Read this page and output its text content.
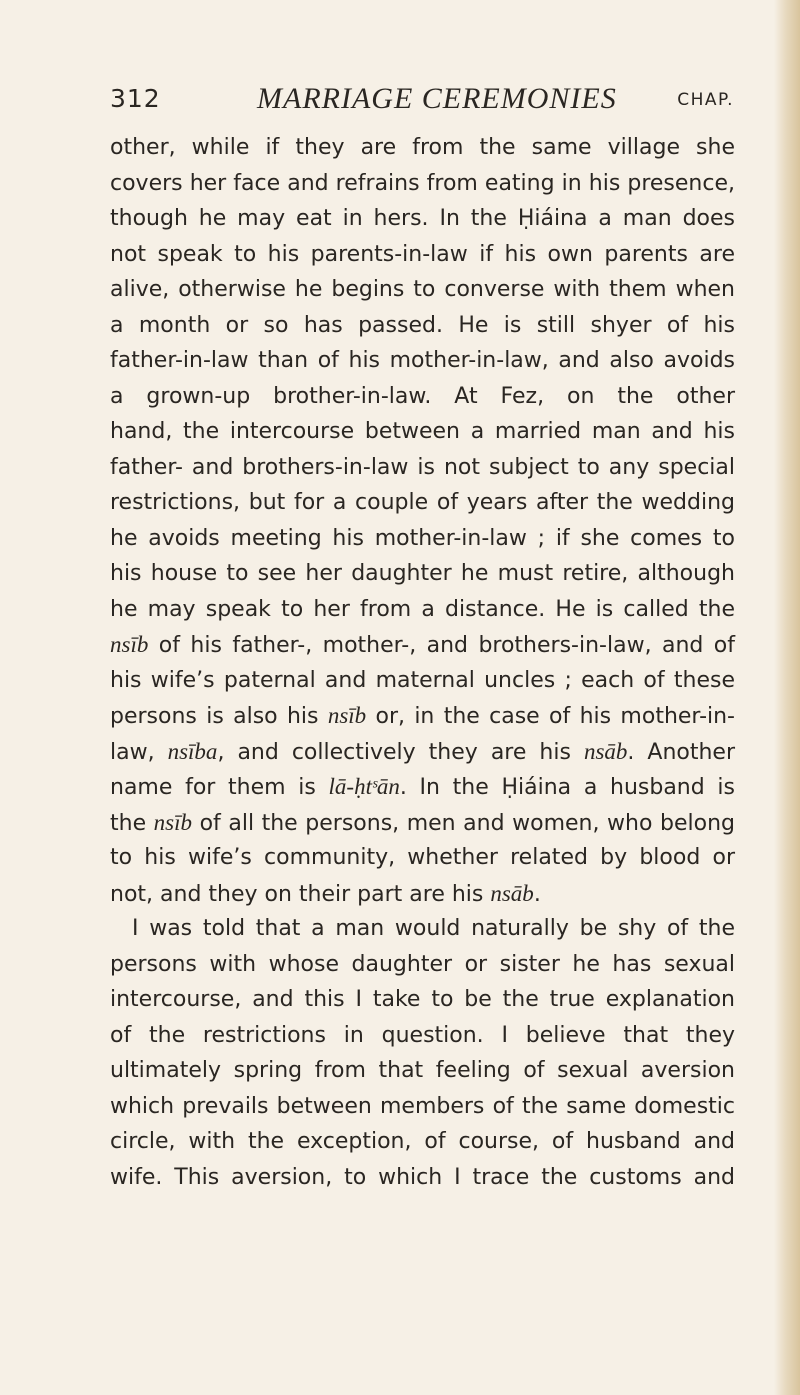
312	MARRIAGE CEREMONIES	CHAP.
other, while if they are from the same village she
covers her face and refrains from eating in his presence,
though he may eat in hers. In the Ḥiáina a man does
not speak to his parents-in-law if his own parents are
alive, otherwise he begins to converse with them when
a month or so has passed. He is still shyer of his
father-in-law than of his mother-in-law, and also avoids
a grown-up brother-in-law. At Fez, on the other
hand, the intercourse between a married man and his
father- and brothers-in-law is not subject to any special
restrictions, but for a couple of years after the wedding
he avoids meeting his mother-in-law ; if she comes to
his house to see her daughter he must retire, although
he may speak to her from a distance. He is called the
nsīb of his father-, mother-, and brothers-in-law, and of
his wife’s paternal and maternal uncles ; each of these
persons is also his nsīb or, in the case of his mother-in-
law, nsība, and collectively they are his nsāb. Another
name for them is lā-ḥtˢān. In the Ḥiáina a husband is
the nsīb of all the persons, men and women, who belong
to his wife’s community, whether related by blood or
not, and they on their part are his nsāb.
I was told that a man would naturally be shy of the
persons with whose daughter or sister he has sexual
intercourse, and this I take to be the true explanation
of the restrictions in question. I believe that they
ultimately spring from that feeling of sexual aversion
which prevails between members of the same domestic
circle, with the exception, of course, of husband and
wife. This aversion, to which I trace the customs and
